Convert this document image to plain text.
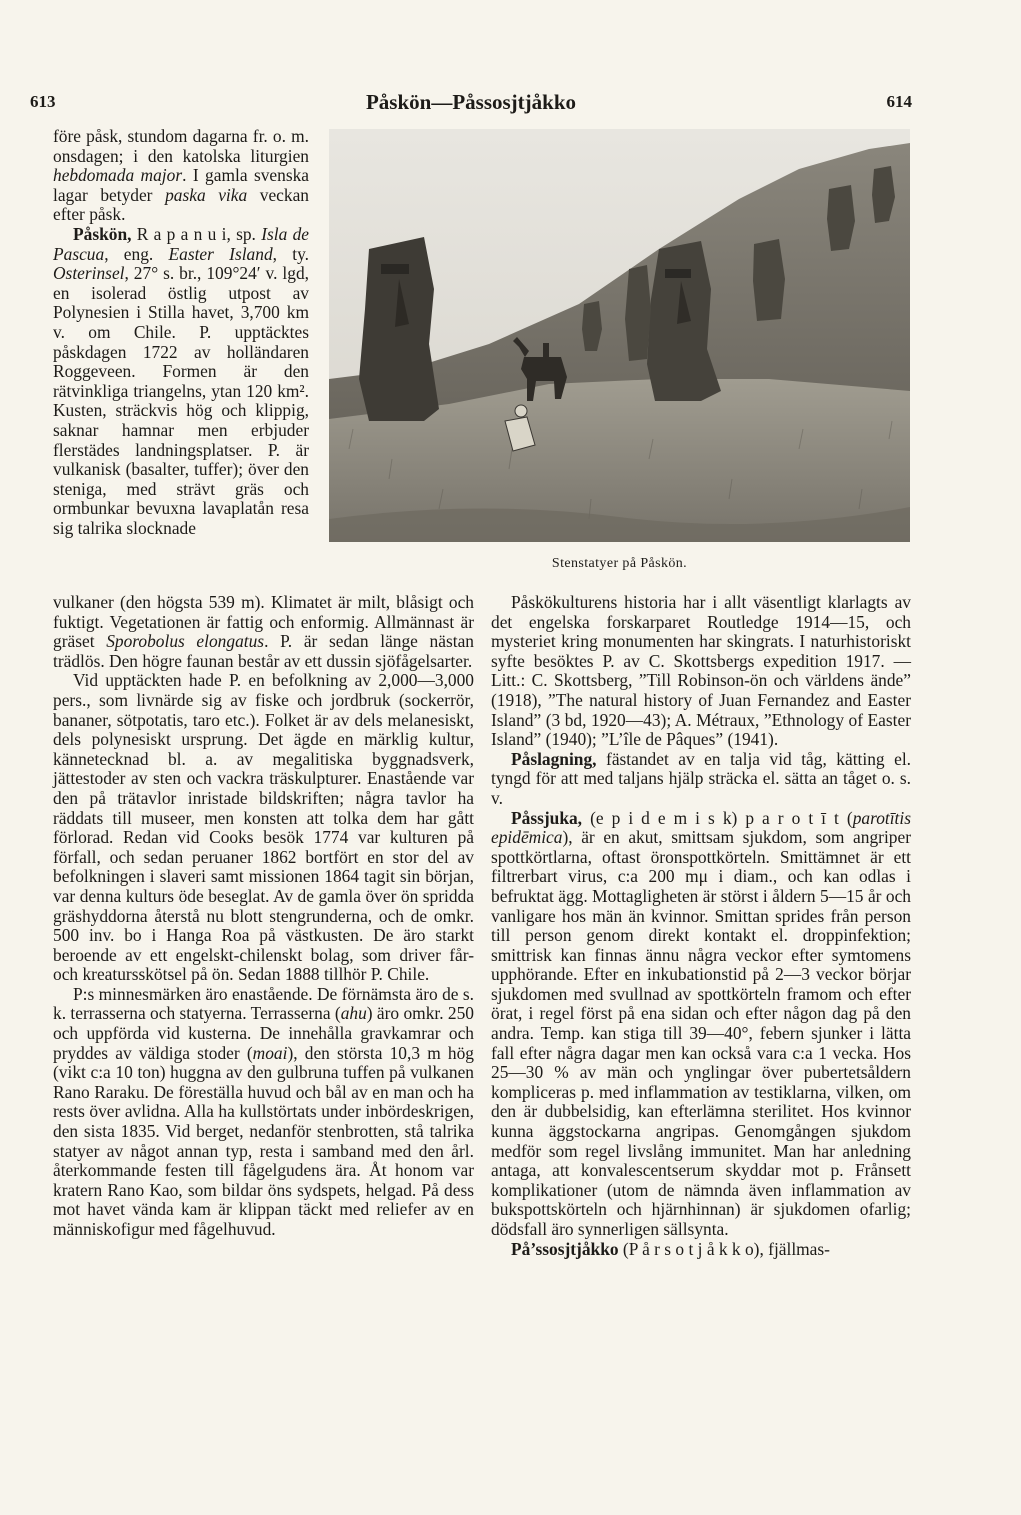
613	Påskön—Påssosjtjåkko	614

före påsk, stundom dagarna fr. o. m. onsdagen; i den katolska liturgien hebdomada major. I gamla svenska lagar betyder paska vika veckan efter påsk.

Påskön, R a p a n u i, sp. Isla de Pascua, eng. Easter Island, ty. Osterinsel, 27° s. br., 109°24′ v. lgd, en isolerad östlig utpost av Polynesien i Stilla havet, 3,700 km v. om Chile. P. upptäcktes påskdagen 1722 av holländaren Roggeveen. Formen är den rätvinkliga triangelns, ytan 120 km². Kusten, sträckvis hög och klippig, saknar hamnar men erbjuder flerstädes landningsplatser. P. är vulkanisk (basalter, tuffer); över den steniga, med strävt gräs och ormbunkar bevuxna lavaplatån resa sig talrika slocknade

Stenstatyer på Påskön.

vulkaner (den högsta 539 m). Klimatet är milt, blåsigt och fuktigt. Vegetationen är fattig och enformig. Allmännast är gräset Sporobolus elongatus. P. är sedan länge nästan trädlös. Den högre faunan består av ett dussin sjöfågelsarter.

Vid upptäckten hade P. en befolkning av 2,000—3,000 pers., som livnärde sig av fiske och jordbruk (sockerrör, bananer, sötpotatis, taro etc.). Folket är av dels melanesiskt, dels polynesiskt ursprung. Det ägde en märklig kultur, kännetecknad bl. a. av megalitiska byggnadsverk, jättestoder av sten och vackra träskulpturer. Enastående var den på trätavlor inristade bildskriften; några tavlor ha räddats till museer, men konsten att tolka dem har gått förlorad. Redan vid Cooks besök 1774 var kulturen på förfall, och sedan peruaner 1862 bortfört en stor del av befolkningen i slaveri samt missionen 1864 tagit sin början, var denna kulturs öde beseglat. Av de gamla över ön spridda gräshyddorna återstå nu blott stengrunderna, och de omkr. 500 inv. bo i Hanga Roa på västkusten. De äro starkt beroende av ett engelskt-chilenskt bolag, som driver får- och kreatursskötsel på ön. Sedan 1888 tillhör P. Chile.

P:s minnesmärken äro enastående. De förnämsta äro de s. k. terrasserna och statyerna. Terrasserna (ahu) äro omkr. 250 och uppförda vid kusterna. De innehålla gravkamrar och pryddes av väldiga stoder (moai), den största 10,3 m hög (vikt c:a 10 ton) huggna av den gulbruna tuffen på vulkanen Rano Raraku. De föreställa huvud och bål av en man och ha rests över avlidna. Alla ha kullstörtats under inbördeskrigen, den sista 1835. Vid berget, nedanför stenbrotten, stå talrika statyer av något annan typ, resta i samband med den årl. återkommande festen till fågelgudens ära. Åt honom var kratern Rano Kao, som bildar öns sydspets, helgad. På dess mot havet vända kam är klippan täckt med reliefer av en människofigur med fågelhuvud.

Påskökulturens historia har i allt väsentligt klarlagts av det engelska forskarparet Routledge 1914—15, och mysteriet kring monumenten har skingrats. I naturhistoriskt syfte besöktes P. av C. Skottsbergs expedition 1917. — Litt.: C. Skottsberg, ”Till Robinson-ön och världens ände” (1918), ”The natural history of Juan Fernandez and Easter Island” (3 bd, 1920—43); A. Métraux, ”Ethnology of Easter Island” (1940); ”L’île de Pâques” (1941).

Påslagning, fästandet av en talja vid tåg, kätting el. tyngd för att med taljans hjälp sträcka el. sätta an tåget o. s. v.

Påssjuka, (e p i d e m i s k) p a r o t ī t (parotītis epidēmica), är en akut, smittsam sjukdom, som angriper spottkörtlarna, oftast öronspottkörteln. Smittämnet är ett filtrerbart virus, c:a 200 mμ i diam., och kan odlas i befruktat ägg. Mottagligheten är störst i åldern 5—15 år och vanligare hos män än kvinnor. Smittan sprides från person till person genom direkt kontakt el. droppinfektion; smittrisk kan finnas ännu några veckor efter symtomens upphörande. Efter en inkubationstid på 2—3 veckor börjar sjukdomen med svullnad av spottkörteln framom och efter örat, i regel först på ena sidan och efter någon dag på den andra. Temp. kan stiga till 39—40°, febern sjunker i lätta fall efter några dagar men kan också vara c:a 1 vecka. Hos 25—30 % av män och ynglingar över pubertetsåldern kompliceras p. med inflammation av testiklarna, vilken, om den är dubbelsidig, kan efterlämna sterilitet. Hos kvinnor kunna äggstockarna angripas. Genomgången sjukdom medför som regel livslång immunitet. Man har anledning antaga, att konvalescentserum skyddar mot p. Frånsett komplikationer (utom de nämnda även inflammation av bukspottskörteln och hjärnhinnan) är sjukdomen ofarlig; dödsfall äro synnerligen sällsynta.

På’ssosjtjåkko (P å r s o t j å k k o), fjällmas-
